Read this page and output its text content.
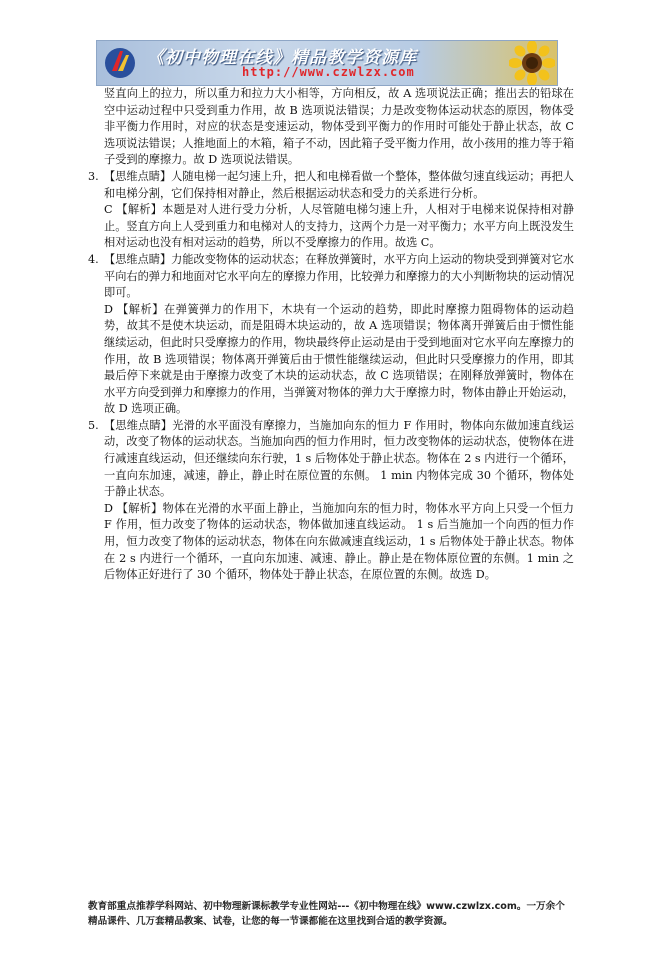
《初中物理在线》精品教学资源库
http://www.czwlzx.com

竖直向上的拉力，所以重力和拉力大小相等，方向相反，故 A 选项说法正确；推出去的铅球在空中运动过程中只受到重力作用，故 B 选项说法错误；力是改变物体运动状态的原因，物体受非平衡力作用时，对应的状态是变速运动，物体受到平衡力的作用时可能处于静止状态，故 C 选项说法错误；人推地面上的木箱，箱子不动，因此箱子受平衡力作用，故小孩用的推力等于箱子受到的摩擦力。故 D 选项说法错误。

3. 【思维点睛】人随电梯一起匀速上升，把人和电梯看做一个整体，整体做匀速直线运动；再把人和电梯分割，它们保持相对静止，然后根据运动状态和受力的关系进行分析。

C 【解析】本题是对人进行受力分析，人尽管随电梯匀速上升，人相对于电梯来说保持相对静止。竖直方向上人受到重力和电梯对人的支持力，这两个力是一对平衡力；水平方向上既没发生相对运动也没有相对运动的趋势，所以不受摩擦力的作用。故选 C。

4. 【思维点睛】力能改变物体的运动状态；在释放弹簧时，水平方向上运动的物块受到弹簧对它水平向右的弹力和地面对它水平向左的摩擦力作用，比较弹力和摩擦力的大小判断物块的运动情况即可。

D 【解析】在弹簧弹力的作用下，木块有一个运动的趋势，即此时摩擦力阻碍物体的运动趋势，故其不是使木块运动，而是阻碍木块运动的，故 A 选项错误；物体离开弹簧后由于惯性能继续运动，但此时只受摩擦力的作用，物块最终停止运动是由于受到地面对它水平向左摩擦力的作用，故 B 选项错误；物体离开弹簧后由于惯性能继续运动，但此时只受摩擦力的作用，即其最后停下来就是由于摩擦力改变了木块的运动状态，故 C 选项错误；在刚释放弹簧时，物体在水平方向受到弹力和摩擦力的作用，当弹簧对物体的弹力大于摩擦力时，物体由静止开始运动，故 D 选项正确。

5. 【思维点睛】光滑的水平面没有摩擦力，当施加向东的恒力 F 作用时，物体向东做加速直线运动，改变了物体的运动状态。当施加向西的恒力作用时，恒力改变物体的运动状态，使物体在进行减速直线运动，但还继续向东行驶，1 s 后物体处于静止状态。物体在 2 s 内进行一个循环，一直向东加速，减速，静止，静止时在原位置的东侧。 1 min 内物体完成 30 个循环，物体处于静止状态。

D 【解析】物体在光滑的水平面上静止，当施加向东的恒力时，物体水平方向上只受一个恒力 F 作用，恒力改变了物体的运动状态，物体做加速直线运动。 1 s 后当施加一个向西的恒力作用，恒力改变了物体的运动状态，物体在向东做减速直线运动，1 s 后物体处于静止状态。物体在 2 s 内进行一个循环，一直向东加速、减速、静止。静止是在物体原位置的东侧。1 min 之后物体正好进行了 30 个循环，物体处于静止状态，在原位置的东侧。故选 D。

教育部重点推荐学科网站、初中物理新课标教学专业性网站---《初中物理在线》www.czwlzx.com。一万余个
精品课件、几万套精品教案、试卷，让您的每一节课都能在这里找到合适的教学资源。
